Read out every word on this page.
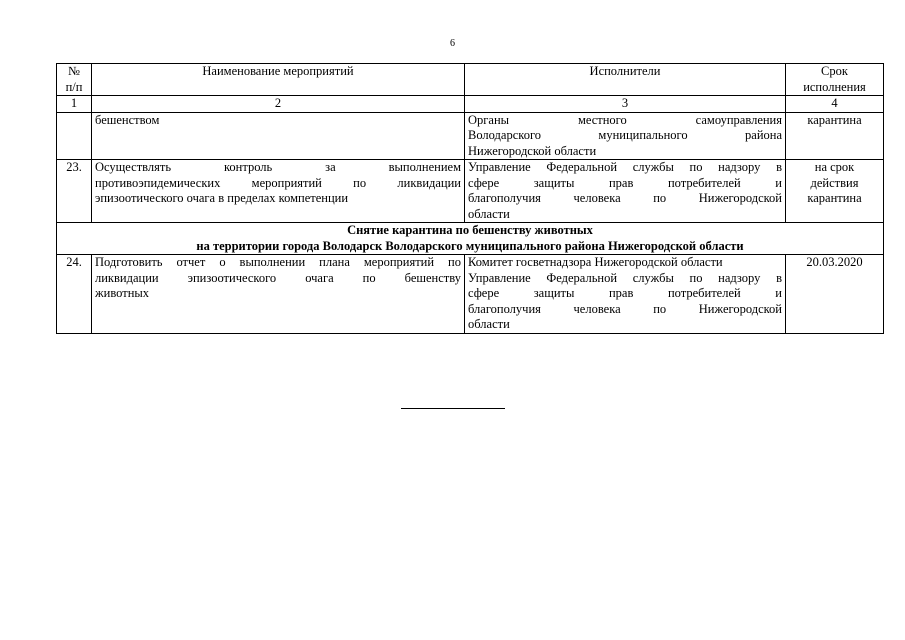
6
№
п/п	Наименование мероприятий	Исполнители	Срок
исполнения

1	2	3	4
	бешенством	Органы местного самоуправления
Володарского муниципального района
Нижегородской области	карантина
23.	Осуществлять контроль за выполнением
противоэпидемических мероприятий по ликвидации
эпизоотического очага в пределах компетенции	Управление Федеральной службы по надзору в
сфере защиты прав потребителей и
благополучия человека по Нижегородской
области	на срок
действия
карантина

Снятие карантина по бешенству животных
на территории города Володарск Володарского муниципального района Нижегородской области			

24.	Подготовить отчет о выполнении плана мероприятий по
ликвидации эпизоотического очага по бешенству
животных	Комитет госветнадзора Нижегородской области
Управление Федеральной службы по надзору в
сфере защиты прав потребителей и
благополучия человека по Нижегородской
области	20.03.2020
